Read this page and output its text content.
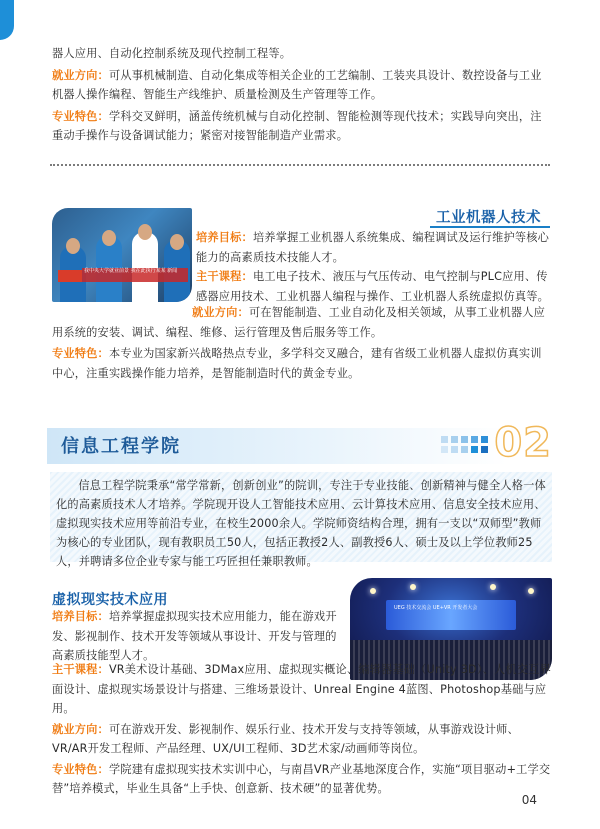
器人应用、自动化控制系统及现代控制工程等。
就业方向：可从事机械制造、自动化集成等相关企业的工艺编制、工装夹具设计、数控设备与工业机器人操作编程、智能生产线维护、质量检测及生产管理等工作。
专业特色：学科交叉鲜明，涵盖传统机械与自动化控制、智能检测等现代技术；实践导向突出，注重动手操作与设备调试能力；紧密对接智能制造产业需求。
我中央大学就业前景 我在此执行某某 新闻
工业机器人技术
培养目标：培养掌握工业机器人系统集成、编程调试及运行维护等核心能力的高素质技术技能人才。
主干课程：电工电子技术、液压与气压传动、电气控制与PLC应用、传感器应用技术、工业机器人编程与操作、工业机器人系统虚拟仿真等。
就业方向：可在智能制造、工业自动化及相关领域，从事工业机器人应用系统的安装、调试、编程、维修、运行管理及售后服务等工作。
专业特色：本专业为国家新兴战略热点专业，多学科交叉融合，建有省级工业机器人虚拟仿真实训中心，注重实践操作能力培养，是智能制造时代的黄金专业。
信息工程学院	02
信息工程学院秉承“常学常新，创新创业”的院训，专注于专业技能、创新精神与健全人格一体化的高素质技术人才培养。学院现开设人工智能技术应用、云计算技术应用、信息安全技术应用、虚拟现实技术应用等前沿专业，在校生2000余人。学院师资结构合理，拥有一支以“双师型”教师为核心的专业团队，现有教职员工50人，包括正教授2人、副教授6人、硕士及以上学位教师25人，并聘请多位企业专家与能工巧匠担任兼职教师。
虚拟现实技术应用	UEG 技术交流会 UE+VR 开发者大会
培养目标：培养掌握虚拟现实技术应用能力，能在游戏开发、影视制作、技术开发等领域从事设计、开发与管理的高素质技能型人才。
主干课程：VR美术设计基础、3DMax应用、虚拟现实概论、编辑器基础（Unity 3D）、人机交互界面设计、虚拟现实场景设计与搭建、三维场景设计、Unreal Engine 4蓝图、Photoshop基础与应用。
就业方向：可在游戏开发、影视制作、娱乐行业、技术开发与支持等领域，从事游戏设计师、VR/AR开发工程师、产品经理、UX/UI工程师、3D艺术家/动画师等岗位。
专业特色：学院建有虚拟现实技术实训中心，与南昌VR产业基地深度合作，实施“项目驱动+工学交替”培养模式，毕业生具备“上手快、创意新、技术硬”的显著优势。
04
